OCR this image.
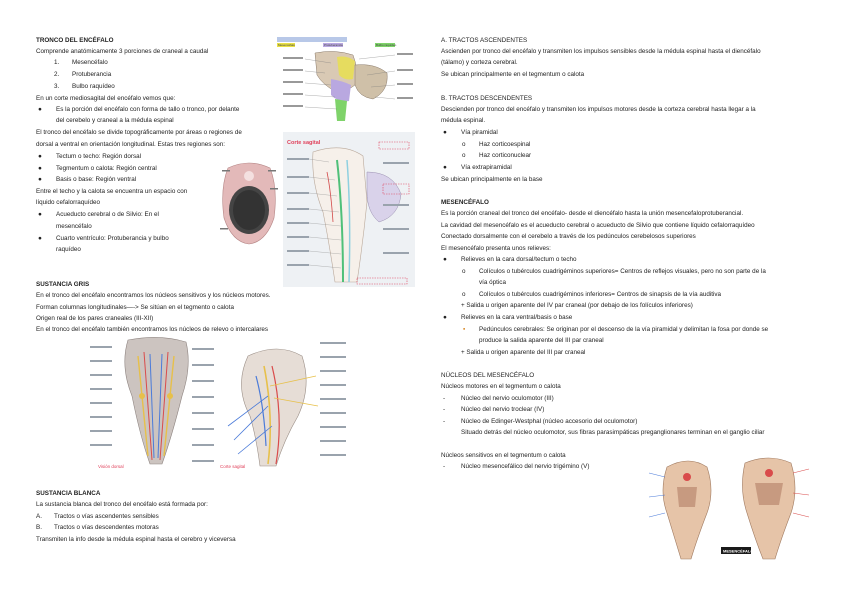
TRONCO DEL ENCÉFALO
Comprende anatómicamente 3 porciones de craneal a caudal
1. Mesencéfalo
2. Protuberancia
3. Bulbo raquídeo
En un corte mediosagital del encéfalo vemos que:
● Es la porción del encéfalo con forma de tallo o tronco, por delante
del cerebelo y craneal a la médula espinal
El tronco del encéfalo se divide topográficamente por áreas o regiones de
dorsal a ventral en orientación longitudinal. Estas tres regiones son:
● Tectum o techo: Región dorsal
● Tegmentum o calota: Región central
● Basis o base: Región ventral
Entre el techo y la calota se encuentra un espacio con
líquido cefalorraquídeo
● Acueducto cerebral o de Silvio: En el
mesencéfalo
● Cuarto ventrículo: Protuberancia y bulbo
raquídeo
SUSTANCIA GRIS
En el tronco del encéfalo encontramos los núcleos sensitivos y los núcleos motores.
Forman columnas longitudinales—-> Se sitúan en el tegmento o calota
Origen real de los pares craneales (III-XII)
En el tronco del encéfalo también encontramos los núcleos de relevo o intercalares
SUSTANCIA BLANCA
La sustancia blanca del tronco del encéfalo está formada por:
A. Tractos o vías ascendentes sensibles
B. Tractos o vías descendentes motoras
Transmiten la info desde la médula espinal hasta el cerebro y viceversa
A. TRACTOS ASCENDENTES
Ascienden por tronco del encéfalo y transmiten los impulsos sensibles desde la médula espinal hasta el diencéfalo
(tálamo) y corteza cerebral.
Se ubican principalmente en el tegmentum o calota
B. TRACTOS DESCENDENTES
Descienden por tronco del encéfalo y transmiten los impulsos motores desde la corteza cerebral hasta llegar a la
médula espinal.
● Vía piramidal
o Haz corticoespinal
o Haz corticonuclear
● Vía extrapiramidal
Se ubican principalmente en la base
MESENCÉFALO
Es la porción craneal del tronco del encéfalo- desde el diencéfalo hasta la unión mesencefaloprotuberancial.
La cavidad del mesencéfalo es el acueducto cerebral o acueducto de Silvio que contiene líquido cefalorraquídeo
Conectado dorsalmente con el cerebelo a través de los pedúnculos cerebelosos superiores
El mesencéfalo presenta unos relieves:
● Relieves en la cara dorsal/tectum o techo
o Colículos o tubérculos cuadrigéminos superiores= Centros de reflejos visuales, pero no son parte de la
vía óptica
o Colículos o tubérculos cuadrigéminos inferiores= Centros de sinapsis de la vía auditiva
+ Salida u origen aparente del IV par craneal (por debajo de los folículos inferiores)
● Relieves en la cara ventral/basis o base
▪ Pedúnculos cerebrales: Se originan por el descenso de la vía piramidal y delimitan la fosa por donde se
produce la salida aparente del III par craneal
+ Salida u origen aparente del III par craneal
NÚCLEOS DEL MESENCÉFALO
Núcleos motores en el tegmentum o calota
-	Núcleo del nervio oculomotor (III)
-	Núcleo del nervio troclear (IV)
-	Núcleo de Edinger-Westphal (núcleo accesorio del oculomotor)
Situado detrás del núcleo oculomotor, sus fibras parasimpáticas preganglionares terminan en el ganglio ciliar
Núcleos sensitivos en el tegmentum o calota
-	Núcleo mesencefálico del nervio trigémino (V)
Mesencéfalo	Protuberancia	Bulbo raquídeo
Corte sagital
Visión dorsal	Corte sagital
MESENCÉFALO
